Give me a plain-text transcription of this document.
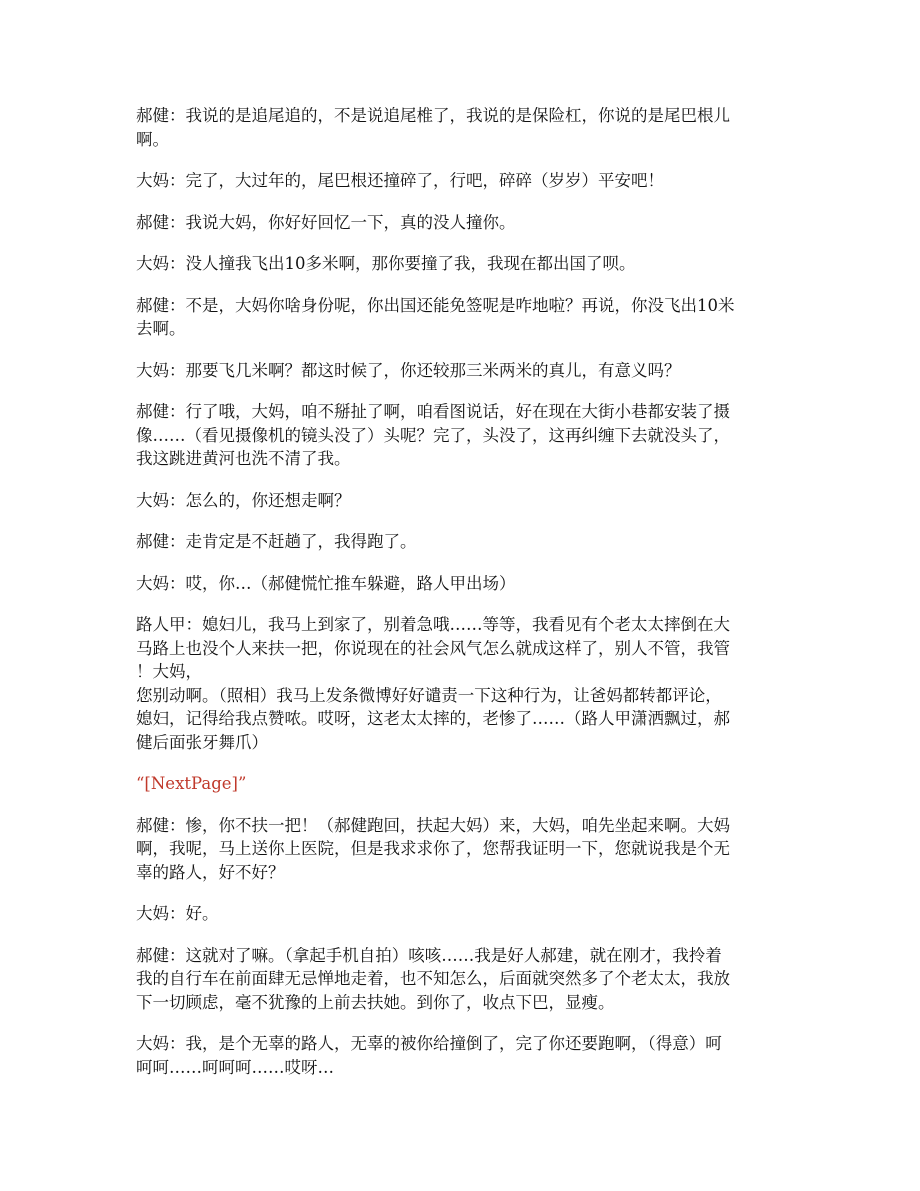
郝健：我说的是追尾追的，不是说追尾椎了，我说的是保险杠，你说的是尾巴根儿
啊。

大妈：完了，大过年的，尾巴根还撞碎了，行吧，碎碎（岁岁）平安吧！

郝健：我说大妈，你好好回忆一下，真的没人撞你。

大妈：没人撞我飞出10多米啊，那你要撞了我，我现在都出国了呗。

郝健：不是，大妈你啥身份呢，你出国还能免签呢是咋地啦？再说，你没飞出10米
去啊。

大妈：那要飞几米啊？都这时候了，你还较那三米两米的真儿，有意义吗？

郝健：行了哦，大妈，咱不掰扯了啊，咱看图说话，好在现在大街小巷都安装了摄
像……（看见摄像机的镜头没了）头呢？完了，头没了，这再纠缠下去就没头了，
我这跳进黄河也洗不清了我。

大妈：怎么的，你还想走啊？

郝健：走肯定是不赶趟了，我得跑了。

大妈：哎，你…（郝健慌忙推车躲避，路人甲出场）

路人甲：媳妇儿，我马上到家了，别着急哦……等等，我看见有个老太太摔倒在大
马路上也没个人来扶一把，你说现在的社会风气怎么就成这样了，别人不管，我管
！大妈，
您别动啊。（照相）我马上发条微博好好谴责一下这种行为，让爸妈都转都评论，
媳妇，记得给我点赞哝。哎呀，这老太太摔的，老惨了……（路人甲潇洒飘过，郝
健后面张牙舞爪）

“[NextPage]”

郝健：惨，你不扶一把！（郝健跑回，扶起大妈）来，大妈，咱先坐起来啊。大妈
啊，我呢，马上送你上医院，但是我求求你了，您帮我证明一下，您就说我是个无
辜的路人，好不好？

大妈：好。

郝健：这就对了嘛。（拿起手机自拍）咳咳……我是好人郝建，就在刚才，我拎着
我的自行车在前面肆无忌惮地走着，也不知怎么，后面就突然多了个老太太，我放
下一切顾虑，毫不犹豫的上前去扶她。到你了，收点下巴，显瘦。

大妈：我，是个无辜的路人，无辜的被你给撞倒了，完了你还要跑啊，（得意）呵
呵呵……呵呵呵……哎呀…
